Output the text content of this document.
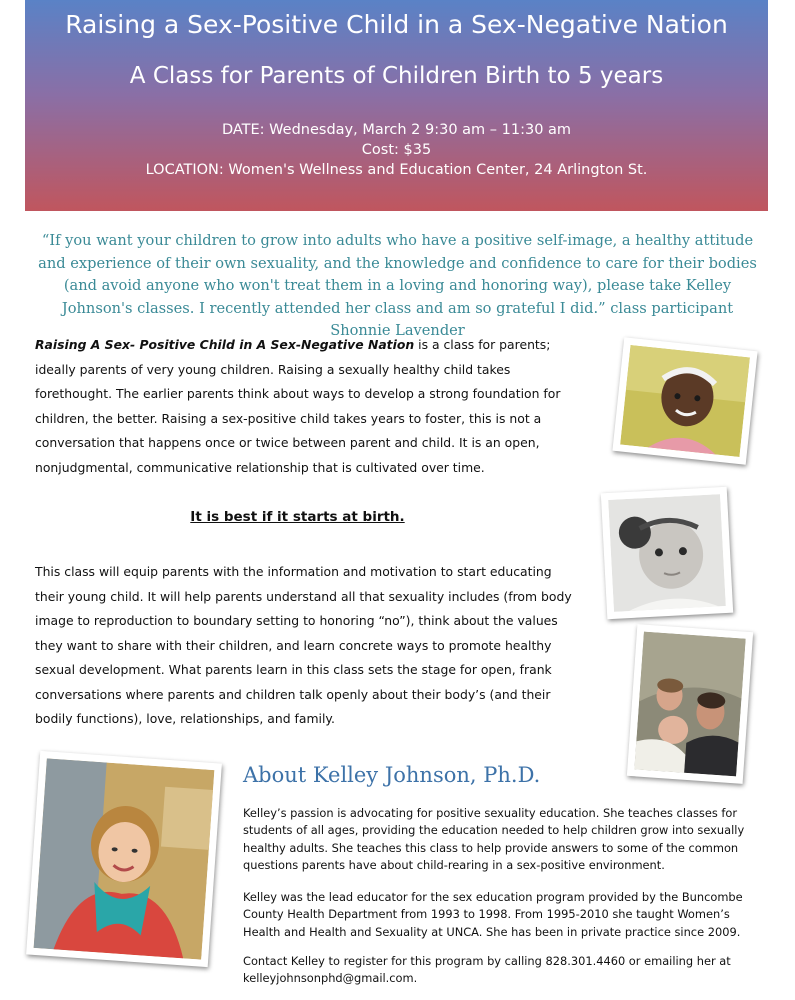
Raising a Sex-Positive Child in a Sex-Negative Nation
A Class for Parents of Children Birth to 5 years
DATE: Wednesday, March 2 9:30 am – 11:30 am
Cost: $35
LOCATION: Women's Wellness and Education Center, 24 Arlington St.
“If you want your children to grow into adults who have a positive self-image, a healthy attitude and experience of their own sexuality, and the knowledge and confidence to care for their bodies (and avoid anyone who won't treat them in a loving and honoring way), please take Kelley Johnson's classes. I recently attended her class and am so grateful I did.” class participant Shonnie Lavender
Raising A Sex- Positive Child in A Sex-Negative Nation is a class for parents; ideally parents of very young children. Raising a sexually healthy child takes forethought. The earlier parents think about ways to develop a strong foundation for children, the better. Raising a sex-positive child takes years to foster, this is not a conversation that happens once or twice between parent and child. It is an open, nonjudgmental, communicative relationship that is cultivated over time.
It is best if it starts at birth.
This class will equip parents with the information and motivation to start educating their young child. It will help parents understand all that sexuality includes (from body image to reproduction to boundary setting to honoring “no”), think about the values they want to share with their children, and learn concrete ways to promote healthy sexual development. What parents learn in this class sets the stage for open, frank conversations where parents and children talk openly about their body’s (and their bodily functions), love, relationships, and family.
About Kelley Johnson, Ph.D.
Kelley’s passion is advocating for positive sexuality education. She teaches classes for students of all ages, providing the education needed to help children grow into sexually healthy adults. She teaches this class to help provide answers to some of the common questions parents have about child-rearing in a sex-positive environment.
Kelley was the lead educator for the sex education program provided by the Buncombe County Health Department from 1993 to 1998. From 1995-2010 she taught Women’s Health and Health and Sexuality at UNCA. She has been in private practice since 2009.
Contact Kelley to register for this program by calling 828.301.4460 or emailing her at kelleyjohnsonphd@gmail.com.
